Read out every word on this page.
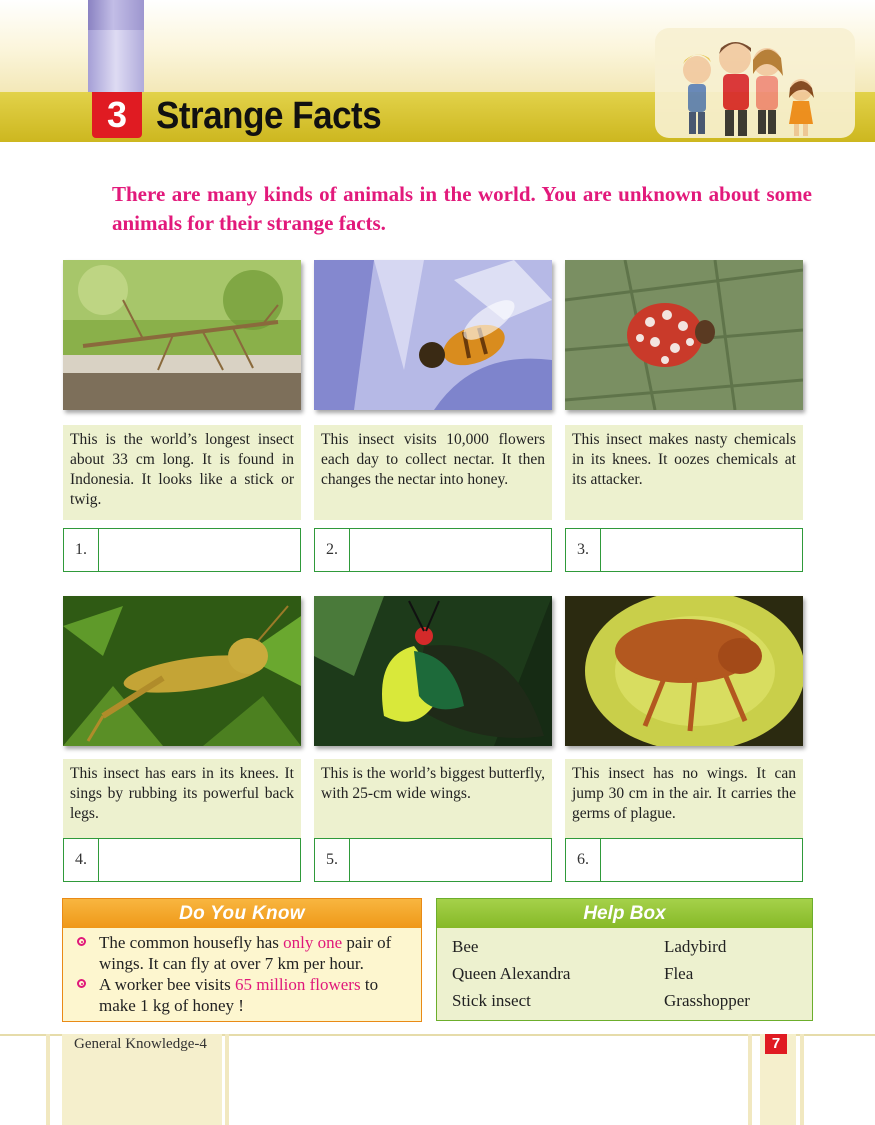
3 Strange Facts
There are many kinds of animals in the world. You are unknown about some animals for their strange facts.
This is the world’s longest insect about 33 cm long. It is found in Indonesia. It looks like a stick or twig.
This insect visits 10,000 flowers each day to collect nectar. It then changes the nectar into honey.
This insect makes nasty chemicals in its knees. It oozes chemicals at its attacker.
1.	2.	3.
This insect has ears in its knees. It sings by rubbing its powerful back legs.
This is the world’s biggest butterfly, with 25-cm wide wings.
This insect has no wings. It can jump 30 cm in the air. It carries the germs of plague.
4.	5.	6.
Do You Know
The common housefly has only one pair of wings. It can fly at over 7 km per hour.
A worker bee visits 65 million flowers to make 1 kg of honey !
Help Box
Bee	Ladybird
Queen Alexandra	Flea
Stick insect	Grasshopper
General Knowledge-4	7
